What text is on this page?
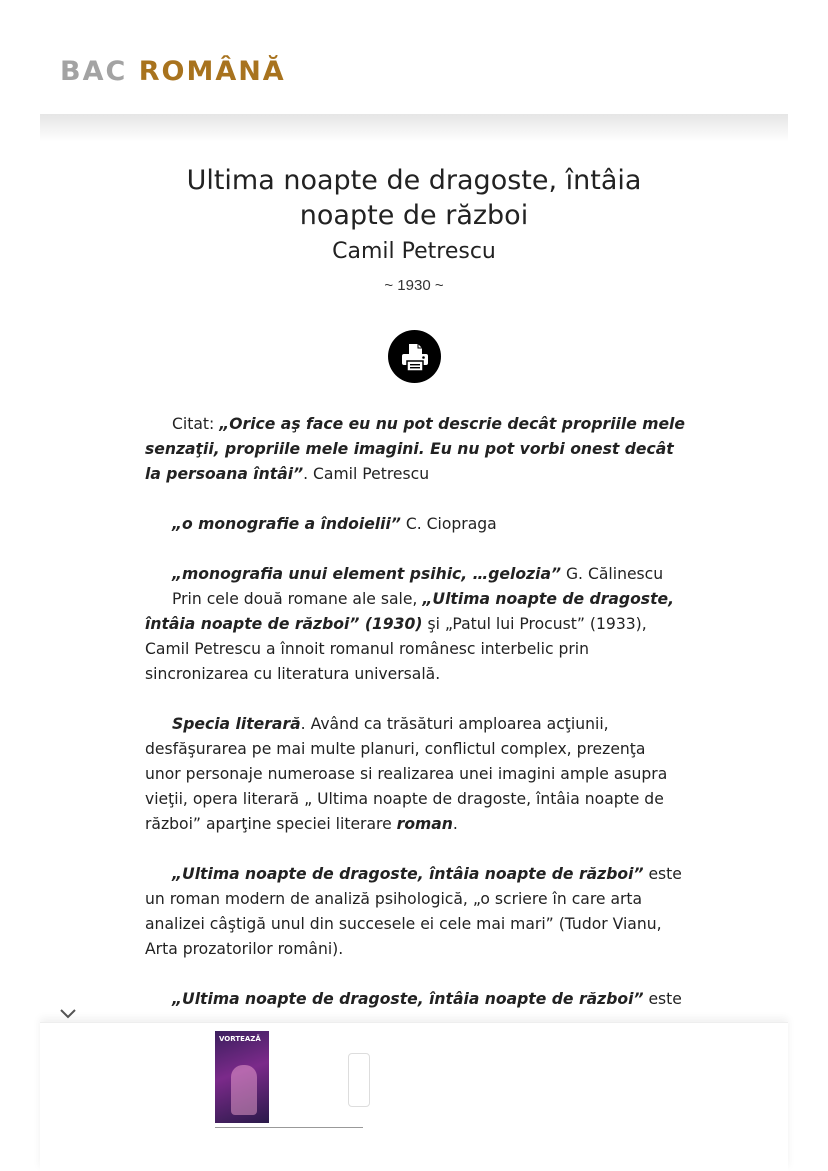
BAC ROMÂNĂ
Ultima noapte de dragoste, întâia noapte de război
Camil Petrescu
~ 1930 ~

Citat: „Orice aş face eu nu pot descrie decât propriile mele senzaţii, propriile mele imagini. Eu nu pot vorbi onest decât la persoana întâi”. Camil Petrescu

„o monografie a îndoielii” C. Ciopraga

„monografia unui element psihic, …gelozia” G. Călinescu

Prin cele două romane ale sale, „Ultima noapte de dragoste, întâia noapte de război” (1930) şi „Patul lui Procust” (1933), Camil Petrescu a înnoit romanul românesc interbelic prin sincronizarea cu literatura universală.

Specia literară. Având ca trăsături amploarea acţiunii, desfăşurarea pe mai multe planuri, conflictul complex, prezenţa unor personaje numeroase si realizarea unei imagini ample asupra vieţii, opera literară „ Ultima noapte de dragoste, întâia noapte de război” aparţine speciei literare roman.

„Ultima noapte de dragoste, întâia noapte de război” este un roman modern de analiză psihologică, „o scriere în care arta analizei câştigă unul din succesele ei cele mai mari” (Tudor Vianu, Arta prozatorilor români).

„Ultima noapte de dragoste, întâia noapte de război” este

VORTEAZĂ
